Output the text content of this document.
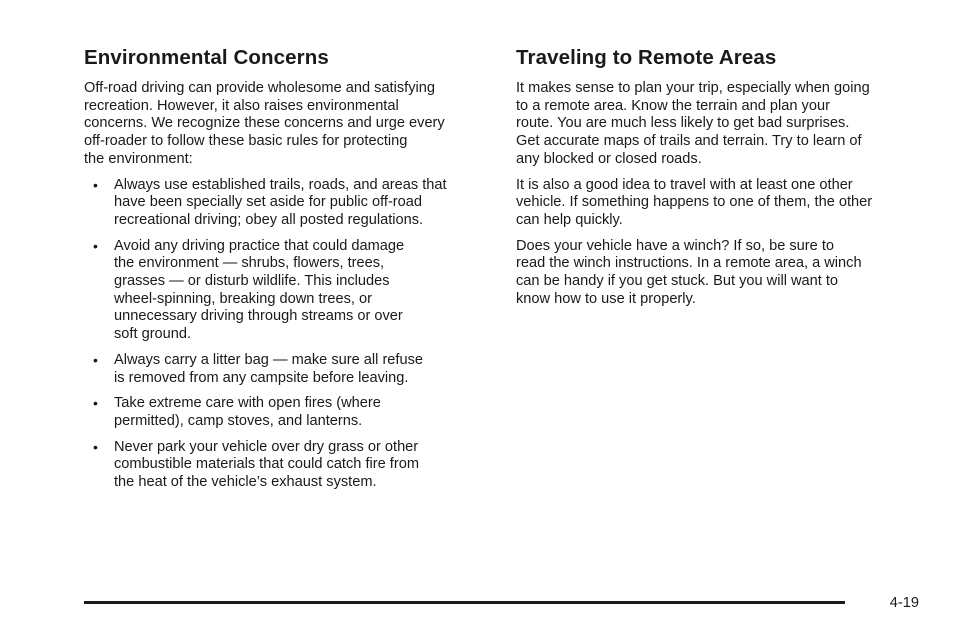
Environmental Concerns

Off-road driving can provide wholesome and satisfying
recreation. However, it also raises environmental
concerns. We recognize these concerns and urge every
off-roader to follow these basic rules for protecting
the environment:

• Always use established trails, roads, and areas that
have been specially set aside for public off-road
recreational driving; obey all posted regulations.
• Avoid any driving practice that could damage
the environment — shrubs, flowers, trees,
grasses — or disturb wildlife. This includes
wheel-spinning, breaking down trees, or
unnecessary driving through streams or over
soft ground.
• Always carry a litter bag — make sure all refuse
is removed from any campsite before leaving.
• Take extreme care with open fires (where
permitted), camp stoves, and lanterns.
• Never park your vehicle over dry grass or other
combustible materials that could catch fire from
the heat of the vehicle’s exhaust system.
Traveling to Remote Areas

It makes sense to plan your trip, especially when going
to a remote area. Know the terrain and plan your
route. You are much less likely to get bad surprises.
Get accurate maps of trails and terrain. Try to learn of
any blocked or closed roads.

It is also a good idea to travel with at least one other
vehicle. If something happens to one of them, the other
can help quickly.

Does your vehicle have a winch? If so, be sure to
read the winch instructions. In a remote area, a winch
can be handy if you get stuck. But you will want to
know how to use it properly.

4-19
